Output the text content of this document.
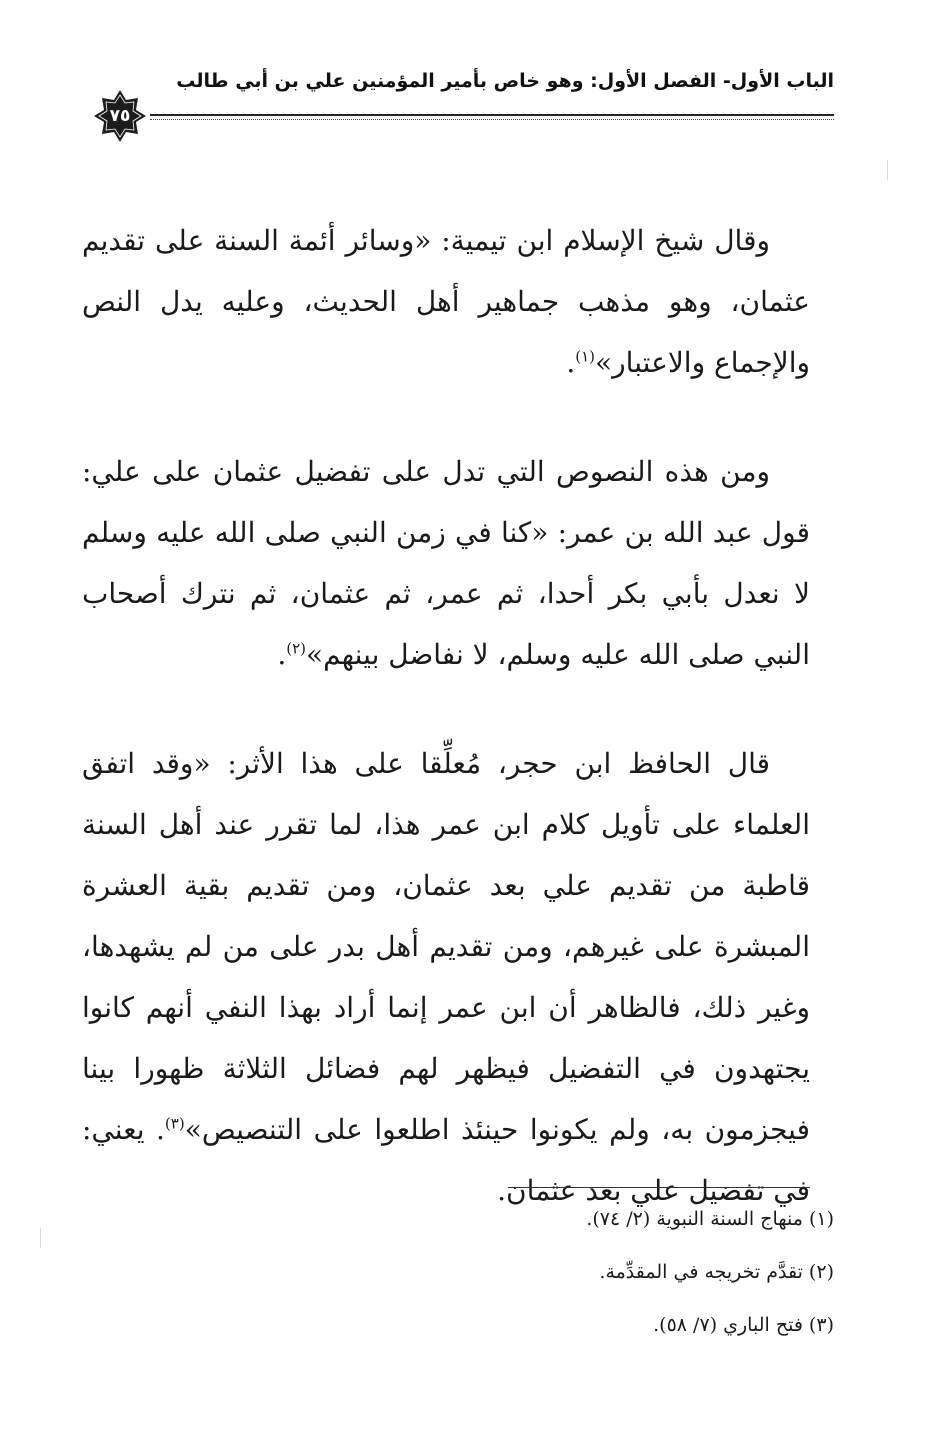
الباب الأول- الفصل الأول: وهو خاص بأمير المؤمنين علي بن أبي طالب
٧٥

وقال شيخ الإسلام ابن تيمية: «وسائر أئمة السنة على تقديم عثمان، وهو مذهب جماهير أهل الحديث، وعليه يدل النص والإجماع والاعتبار»$^{(١)}$.

ومن هذه النصوص التي تدل على تفضيل عثمان على علي: قول عبد الله بن عمر: «كنا في زمن النبي صلى الله عليه وسلم لا نعدل بأبي بكر أحدا، ثم عمر، ثم عثمان، ثم نترك أصحاب النبي صلى الله عليه وسلم، لا نفاضل بينهم»$^{(٢)}$.

قال الحافظ ابن حجر، مُعلِّقا على هذا الأثر: «وقد اتفق العلماء على تأويل كلام ابن عمر هذا، لما تقرر عند أهل السنة قاطبة من تقديم علي بعد عثمان، ومن تقديم بقية العشرة المبشرة على غيرهم، ومن تقديم أهل بدر على من لم يشهدها، وغير ذلك، فالظاهر أن ابن عمر إنما أراد بهذا النفي أنهم كانوا يجتهدون في التفضيل فيظهر لهم فضائل الثلاثة ظهورا بينا فيجزمون به، ولم يكونوا حينئذ اطلعوا على التنصيص»$^{(٣)}$. يعني: في تفضيل علي بعد عثمان.

(١) منهاج السنة النبوية (٢/ ٧٤).
(٢) تقدَّم تخريجه في المقدِّمة.
(٣) فتح الباري (٧/ ٥٨).
